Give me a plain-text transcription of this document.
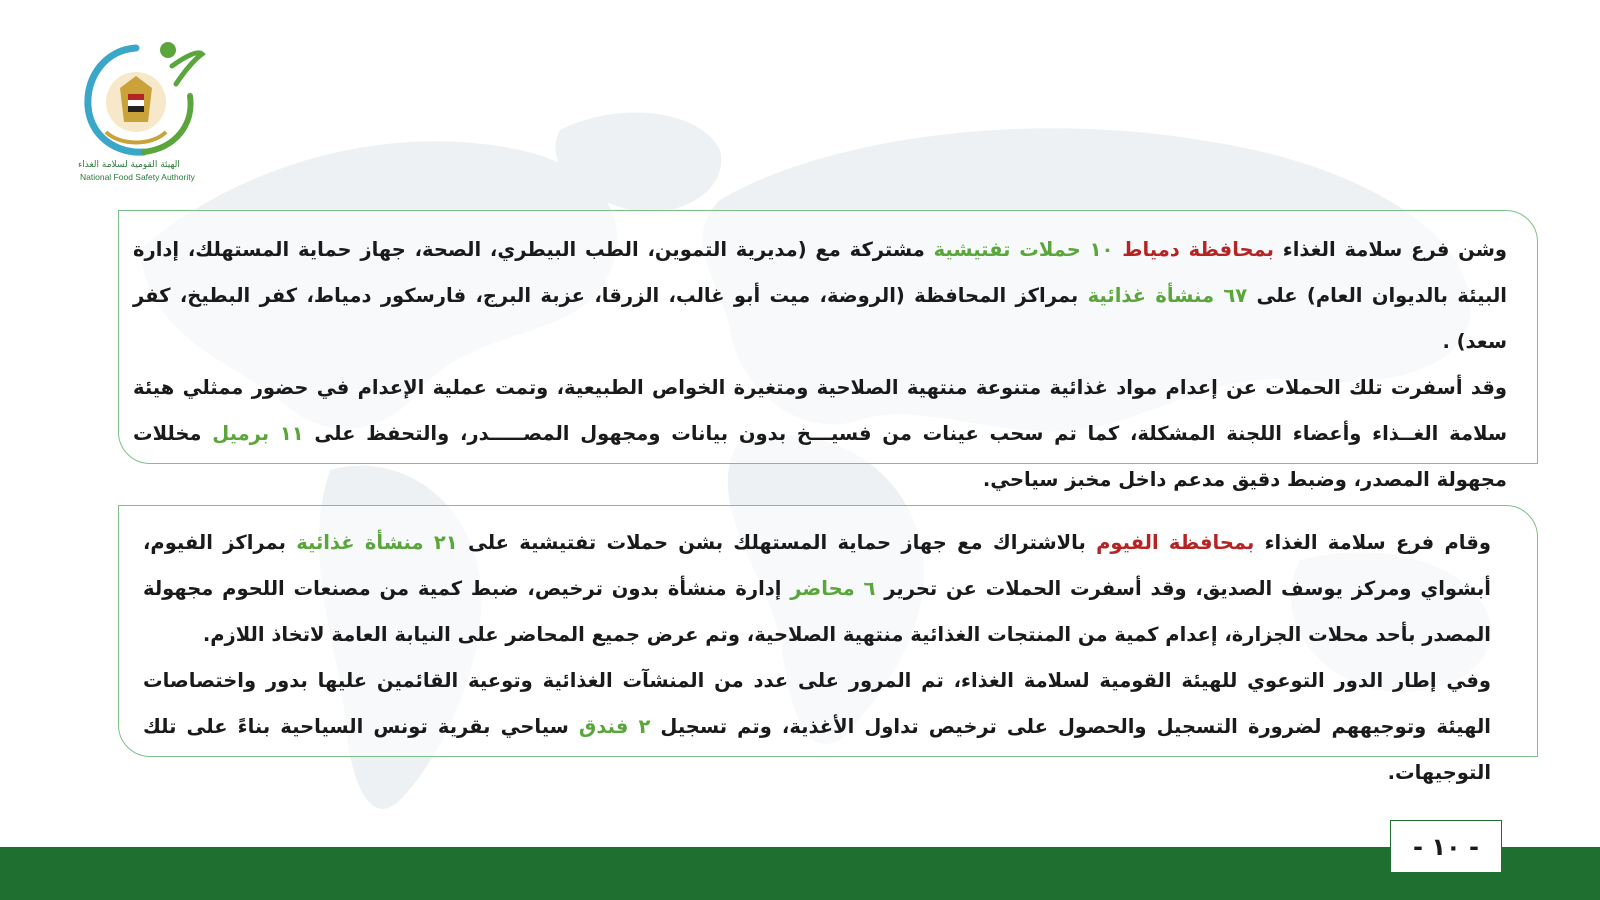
NFSA
الهيئة القومية لسلامة الغذاء
National Food Safety Authority

وشن فرع سلامة الغذاء بمحافظة دمياط ١٠ حملات تفتيشية مشتركة مع (مديرية التموين، الطب البيطري، الصحة، جهاز حماية المستهلك، إدارة البيئة بالديوان العام) على ٦٧ منشأة غذائية بمراكز المحافظة (الروضة، ميت أبو غالب، الزرقا، عزبة البرج، فارسكور دمياط، كفر البطيخ، كفر سعد) .

وقد أسفرت تلك الحملات عن إعدام مواد غذائية متنوعة منتهية الصلاحية ومتغيرة الخواص الطبيعية، وتمت عملية الإعدام في حضور ممثلي هيئة سلامة الغــذاء وأعضاء اللجنة المشكلة، كما تم سحب عينات من فسيـــخ بدون بيانات ومجهول المصـــــدر، والتحفظ على ١١ برميل مخللات مجهولة المصدر، وضبط دقيق مدعم داخل مخبز سياحي.

وقام فرع سلامة الغذاء بمحافظة الفيوم بالاشتراك مع جهاز حماية المستهلك بشن حملات تفتيشية على ٢١ منشأة غذائية بمراكز الفيوم، أبشواي ومركز يوسف الصديق، وقد أسفرت الحملات عن تحرير ٦ محاضر إدارة منشأة بدون ترخيص، ضبط كمية من مصنعات اللحوم مجهولة المصدر بأحد محلات الجزارة، إعدام كمية من المنتجات الغذائية منتهية الصلاحية، وتم عرض جميع المحاضر على النيابة العامة لاتخاذ اللازم.

وفي إطار الدور التوعوي للهيئة القومية لسلامة الغذاء، تم المرور على عدد من المنشآت الغذائية وتوعية القائمين عليها بدور واختصاصات الهيئة وتوجيههم لضرورة التسجيل والحصول على ترخيص تداول الأغذية، وتم تسجيل ٢ فندق سياحي بقرية تونس السياحية بناءً على تلك التوجيهات.

- ١٠ -
